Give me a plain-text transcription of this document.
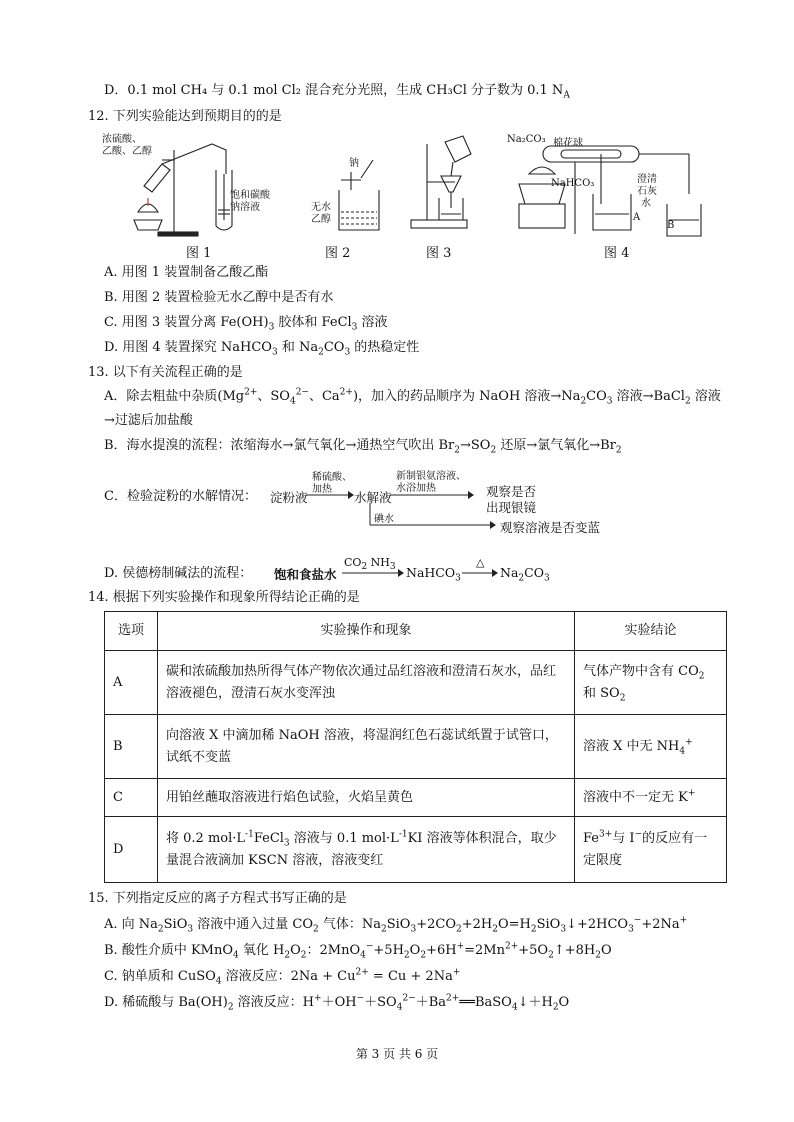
D．0.1 mol CH₄ 与 0.1 mol Cl₂ 混合充分光照，生成 CH₃Cl 分子数为 0.1 $N_A$
12. 下列实验能达到预期目的的是
浓硫酸、
乙酸、乙醇
饱和碳酸
钠溶液
图 1
钠
无水
乙醇
图 2	图 3
Na₂CO₃ 棉花球
NaHCO₃	澄清
石灰
水
A
B
图 4
A. 用图 1 装置制备乙酸乙酯
B. 用图 2 装置检验无水乙醇中是否有水
C. 用图 3 装置分离 $Fe(OH)_3$ 胶体和 FeCl$_3$ 溶液
D. 用图 4 装置探究 NaHCO$_3$ 和 $Na_2CO_3$ 的热稳定性
13. 以下有关流程正确的是
A．除去粗盐中杂质($Mg^{2+}$、$SO_4^{2-}$、$Ca^{2+}$)，加入的药品顺序为 NaOH 溶液$\to Na_2CO_3$ 溶液→BaCl$_2$ 溶液
→过滤后加盐酸
B．海水提溴的流程：浓缩海水→氯气氧化→通热空气吹出 $Br_2\to SO_2$ 还原→氯气氧化$\to Br_2$
C．检验淀粉的水解情况： 淀粉液
稀硫酸、
加热
水解液
新制银氨溶液、
水浴加热	观察是否
出现银镜
碘水
观察溶液是否变蓝
D. 侯德榜制碱法的流程： 饱和食盐水
$CO_2$ $NH_3$ NaHCO$_3$
△
$Na_2CO_3$
14. 根据下列实验操作和现象所得结论正确的是
选项	实验操作和现象	实验结论
A	碳和浓硫酸加热所得气体产物依次通过品红溶液和澄清石灰水，品红溶液褪色，澄清石灰水变浑浊	气体产物中含有 $CO_2$ 和 $SO_2$
B	向溶液 X 中滴加稀 NaOH 溶液，将湿润红色石蕊试纸置于试管口，试纸不变蓝	溶液 X 中无 $NH_4^+$
C	用铂丝蘸取溶液进行焰色试验，火焰呈黄色	溶液中不一定无 K+
D	将 0.2 $mol\cdot L^{-1}FeCl_3$ 溶液与 0.1 $mol\cdot L^{-1}KI$ 溶液等体积混合，取少量混合液滴加 KSCN 溶液，溶液变红	$Fe^{3+}$与 I−的反应有一定限度
15. 下列指定反应的离子方程式书写正确的是
A. 向 $Na_2SiO_3$ 溶液中通入过量 $CO_2$ 气体：$Na_2SiO_3+2CO_2+2H_2O=H_2SiO_3↓+2HCO_3^-+2Na^+$
B. 酸性介质中 KMnO$_4$ 氧化 $H_2O_2$：$2MnO_4^-+5H_2O_2+6H^+=2Mn^{2+}+5O_2↑+8H_2O$
C. 钠单质和 CuSO$_4$ 溶液反应：$2Na + Cu^{2+} = Cu + 2Na^+$
D. 稀硫酸与 $Ba(OH)_2$ 溶液反应：$H^++OH^-+SO_4^{2-}+Ba^{2+}══BaSO_4↓+H_2O$
第 3 页 共 6 页
